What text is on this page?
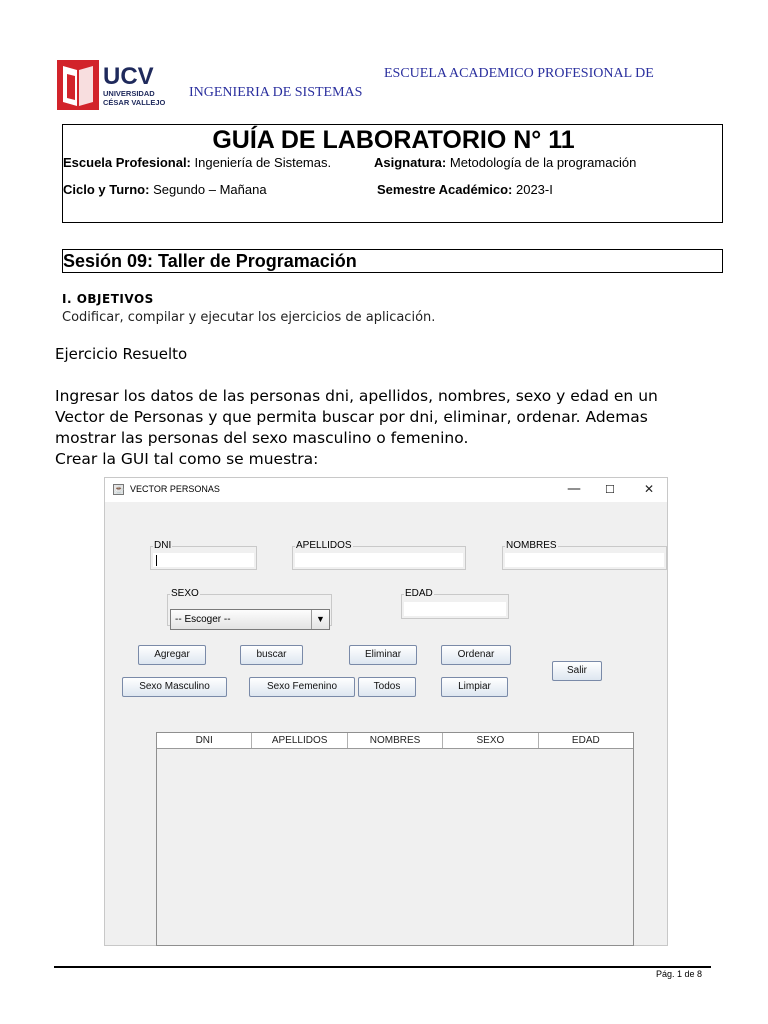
UCV
UNIVERSIDAD
CÉSAR VALLEJO
ESCUELA ACADEMICO PROFESIONAL DE
INGENIERIA DE SISTEMAS
GUÍA DE LABORATORIO N° 11
Escuela Profesional: Ingeniería de Sistemas.	Asignatura: Metodología de la programación
Ciclo y Turno: Segundo – Mañana	Semestre Académico: 2023-I
Sesión 09: Taller de Programación
I. OBJETIVOS
Codificar, compilar y ejecutar los ejercicios de aplicación.
Ejercicio Resuelto
Ingresar los datos de las personas dni, apellidos, nombres, sexo y edad en un
Vector de Personas y que permita buscar por dni, eliminar, ordenar. Ademas
mostrar las personas del sexo masculino o femenino.
Crear la GUI tal como se muestra:
☕ VECTOR PERSONAS	— ☐ ✕
DNI	APELLIDOS	NOMBRES
SEXO
-- Escoger --	▼
EDAD
Agregar	buscar	Eliminar	Ordenar
Salir
Sexo Masculino	Sexo Femenino	Todos	Limpiar
DNI	APELLIDOS	NOMBRES	SEXO	EDAD
Pág. 1 de 8
